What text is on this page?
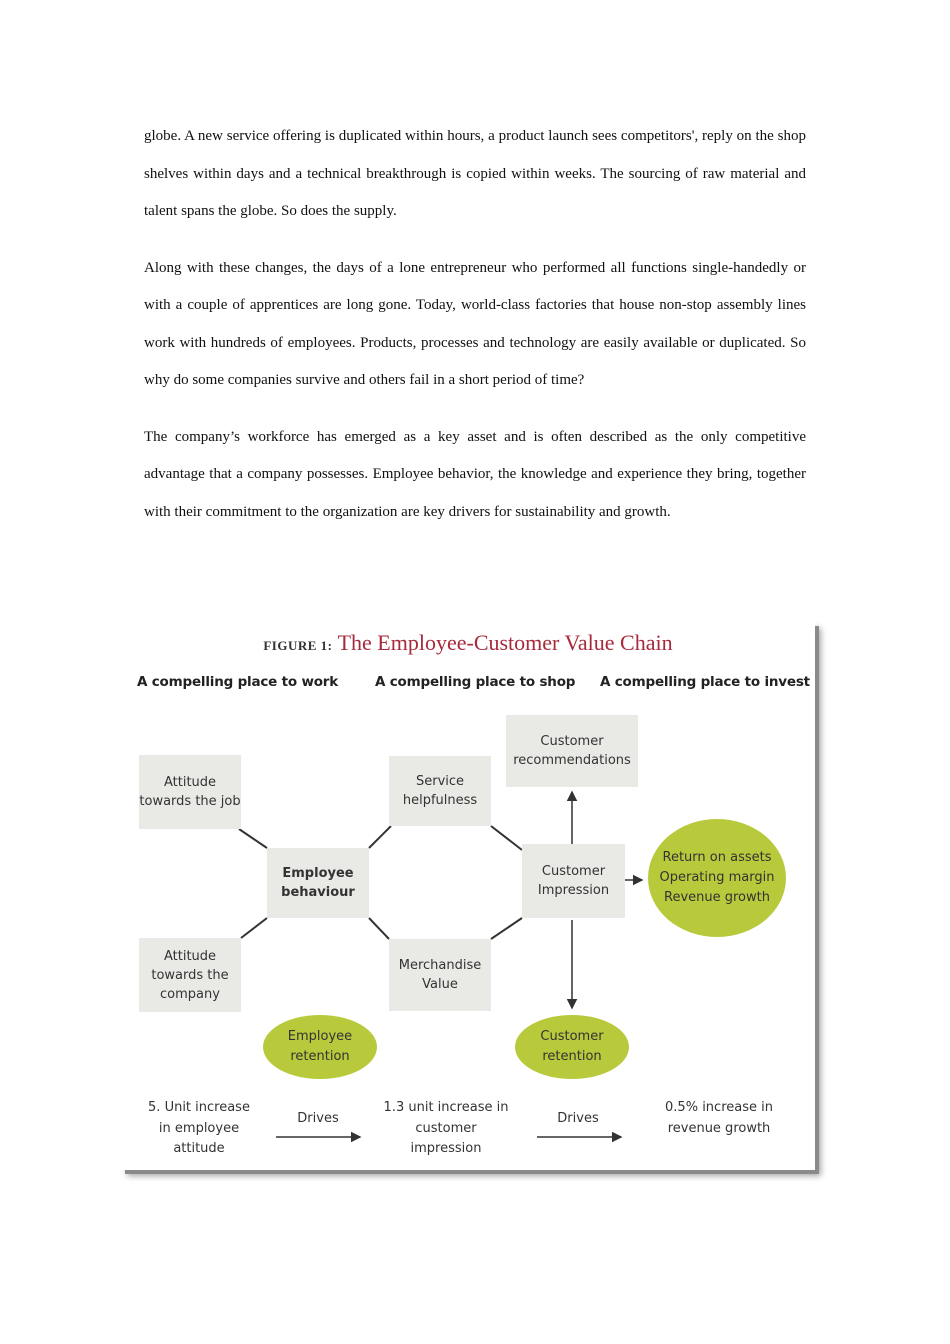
globe. A new service offering is duplicated within hours, a product launch sees competitors', reply on the shop shelves within days and a technical breakthrough is copied within weeks. The sourcing of raw material and talent spans the globe. So does the supply.

Along with these changes, the days of a lone entrepreneur who performed all functions single-handedly or with a couple of apprentices are long gone. Today, world-class factories that house non-stop assembly lines work with hundreds of employees. Products, processes and technology are easily available or duplicated. So why do some companies survive and others fail in a short period of time?

The company’s workforce has emerged as a key asset and is often described as the only competitive advantage that a company possesses. Employee behavior, the knowledge and experience they bring, together with their commitment to the organization are key drivers for sustainability and growth.

FIGURE 1: The Employee-Customer Value Chain
A compelling place to work	A compelling place to shop A compelling place to invest
Attitude towards the job
Attitude towards the company
Employee behaviour
Service helpfulness
Merchandise Value
Customer recommendations
Customer Impression
Return on assets Operating margin Revenue growth
Employee retention
Customer retention
5. Unit increase in employee attitude
Drives
1.3 unit increase in customer impression
Drives
0.5% increase in revenue growth
